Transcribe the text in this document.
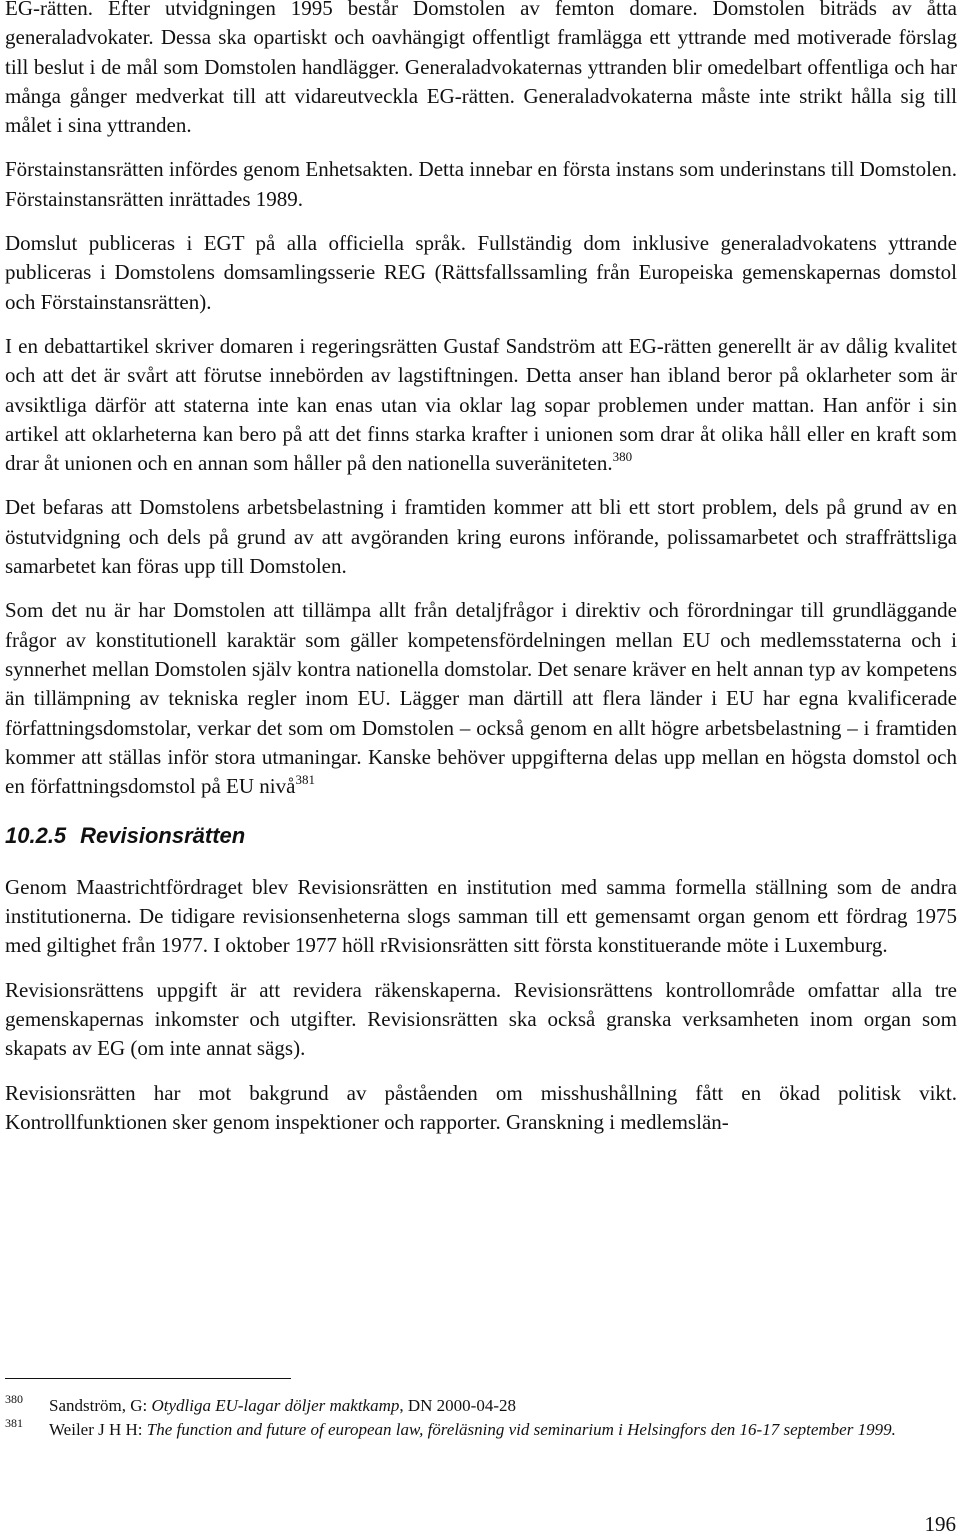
EG-rätten. Efter utvidgningen 1995 består Domstolen av femton domare. Domstolen biträds av åtta generaladvokater. Dessa ska opartiskt och oavhängigt offentligt framlägga ett yttrande med motiverade förslag till beslut i de mål som Domstolen handlägger. Generaladvokaternas yttranden blir omedelbart offentliga och har många gånger medverkat till att vidareutveckla EG-rätten. Generaladvokaterna måste inte strikt hålla sig till målet i sina yttranden.

Förstainstansrätten infördes genom Enhetsakten. Detta innebar en första instans som underinstans till Domstolen. Förstainstansrätten inrättades 1989.

Domslut publiceras i EGT på alla officiella språk. Fullständig dom inklusive generaladvokatens yttrande publiceras i Domstolens domsamlingsserie REG (Rättsfallssamling från Europeiska gemenskapernas domstol och Förstainstansrätten).

I en debattartikel skriver domaren i regeringsrätten Gustaf Sandström att EG-rätten generellt är av dålig kvalitet och att det är svårt att förutse innebörden av lagstiftningen. Detta anser han ibland beror på oklarheter som är avsiktliga därför att staterna inte kan enas utan via oklar lag sopar problemen under mattan. Han anför i sin artikel att oklarheterna kan bero på att det finns starka krafter i unionen som drar åt olika håll eller en kraft som drar åt unionen och en annan som håller på den nationella suveräniteten.$^{380}$

Det befaras att Domstolens arbetsbelastning i framtiden kommer att bli ett stort problem, dels på grund av en östutvidgning och dels på grund av att avgöranden kring eurons införande, polissamarbetet och straffrättsliga samarbetet kan föras upp till Domstolen.

Som det nu är har Domstolen att tillämpa allt från detaljfrågor i direktiv och förordningar till grundläggande frågor av konstitutionell karaktär som gäller kompetensfördelningen mellan EU och medlemsstaterna och i synnerhet mellan Domstolen själv kontra nationella domstolar. Det senare kräver en helt annan typ av kompetens än tillämpning av tekniska regler inom EU. Lägger man därtill att flera länder i EU har egna kvalificerade författningsdomstolar, verkar det som om Domstolen – också genom en allt högre arbetsbelastning – i framtiden kommer att ställas inför stora utmaningar. Kanske behöver uppgifterna delas upp mellan en högsta domstol och en författningsdomstol på EU nivå$^{381}$

10.2.5 Revisionsrätten

Genom Maastrichtfördraget blev Revisionsrätten en institution med samma formella ställning som de andra institutionerna. De tidigare revisionsenheterna slogs samman till ett gemensamt organ genom ett fördrag 1975 med giltighet från 1977. I oktober 1977 höll rRvisionsrätten sitt första konstituerande möte i Luxemburg.

Revisionsrättens uppgift är att revidera räkenskaperna. Revisionsrättens kontrollområde omfattar alla tre gemenskapernas inkomster och utgifter. Revisionsrätten ska också granska verksamheten inom organ som skapats av EG (om inte annat sägs).

Revisionsrätten har mot bakgrund av påståenden om misshushållning fått en ökad politisk vikt. Kontrollfunktionen sker genom inspektioner och rapporter. Granskning i medlemslän-

380	Sandström, G: Otydliga EU-lagar döljer maktkamp, DN 2000-04-28
381	Weiler J H H: The function and future of european law, föreläsning vid seminarium i Helsingfors den 16-17 september 1999.
196
